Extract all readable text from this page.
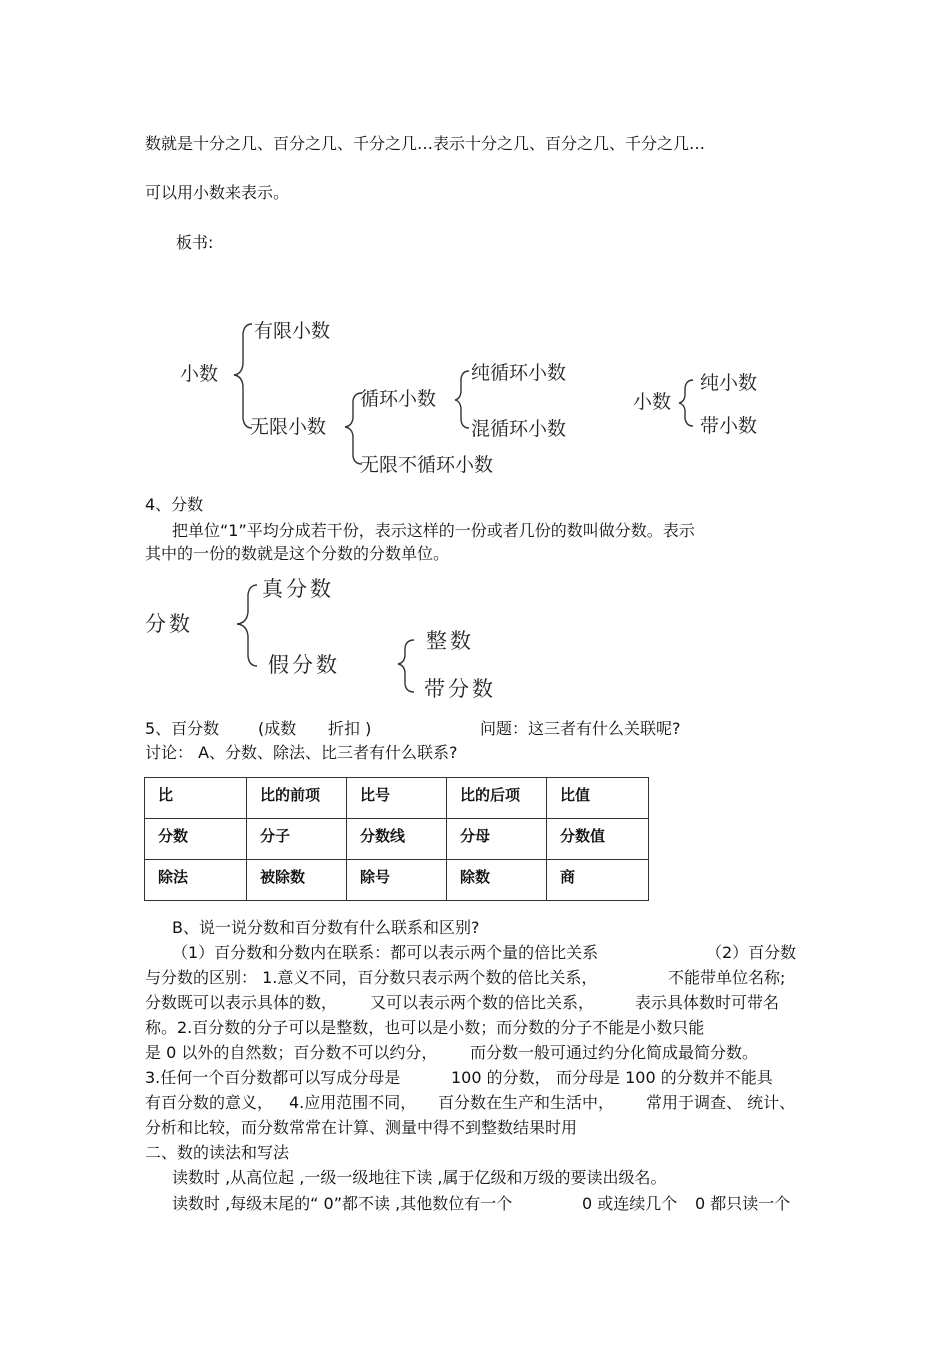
数就是十分之几、百分之几、千分之几…表示十分之几、百分之几、千分之几…
可以用小数来表示。
板书:
小数
有限小数
无限小数
循环小数
纯循环小数
混循环小数
无限不循环小数
小数
纯小数
带小数
4、分数
把单位“1”平均分成若干份，表示这样的一份或者几份的数叫做分数。表示
其中的一份的数就是这个分数的分数单位。
分数
真分数
假分数
整数
带分数
5、百分数 (成数 折扣 )	问题：这三者有什么关联呢?
讨论： A、分数、除法、比三者有什么联系?
比	比的前项	比号	比的后项	比值
分数	分子	分数线	分母	分数值
除法	被除数	除号	除数	商
B、说一说分数和百分数有什么联系和区别?
（1）百分数和分数内在联系：都可以表示两个量的倍比关系	（2）百分数
与分数的区别： 1.意义不同，百分数只表示两个数的倍比关系，	不能带单位名称;
分数既可以表示具体的数， 又可以表示两个数的倍比关系，	表示具体数时可带名
称。2.百分数的分子可以是整数，也可以是小数；而分数的分子不能是小数只能
是 0 以外的自然数；百分数不可以约分， 而分数一般可通过约分化简成最简分数。
3.任何一个百分数都可以写成分母是	100 的分数， 而分母是 100 的分数并不能具
有百分数的意义， 4.应用范围不同， 百分数在生产和生活中， 常用于调查、 统计、
分析和比较，而分数常常在计算、测量中得不到整数结果时用
二、数的读法和写法
读数时 ,从高位起 ,一级一级地往下读 ,属于亿级和万级的要读出级名。
读数时 ,每级末尾的“ 0”都不读 ,其他数位有一个	0 或连续几个 0 都只读一个
